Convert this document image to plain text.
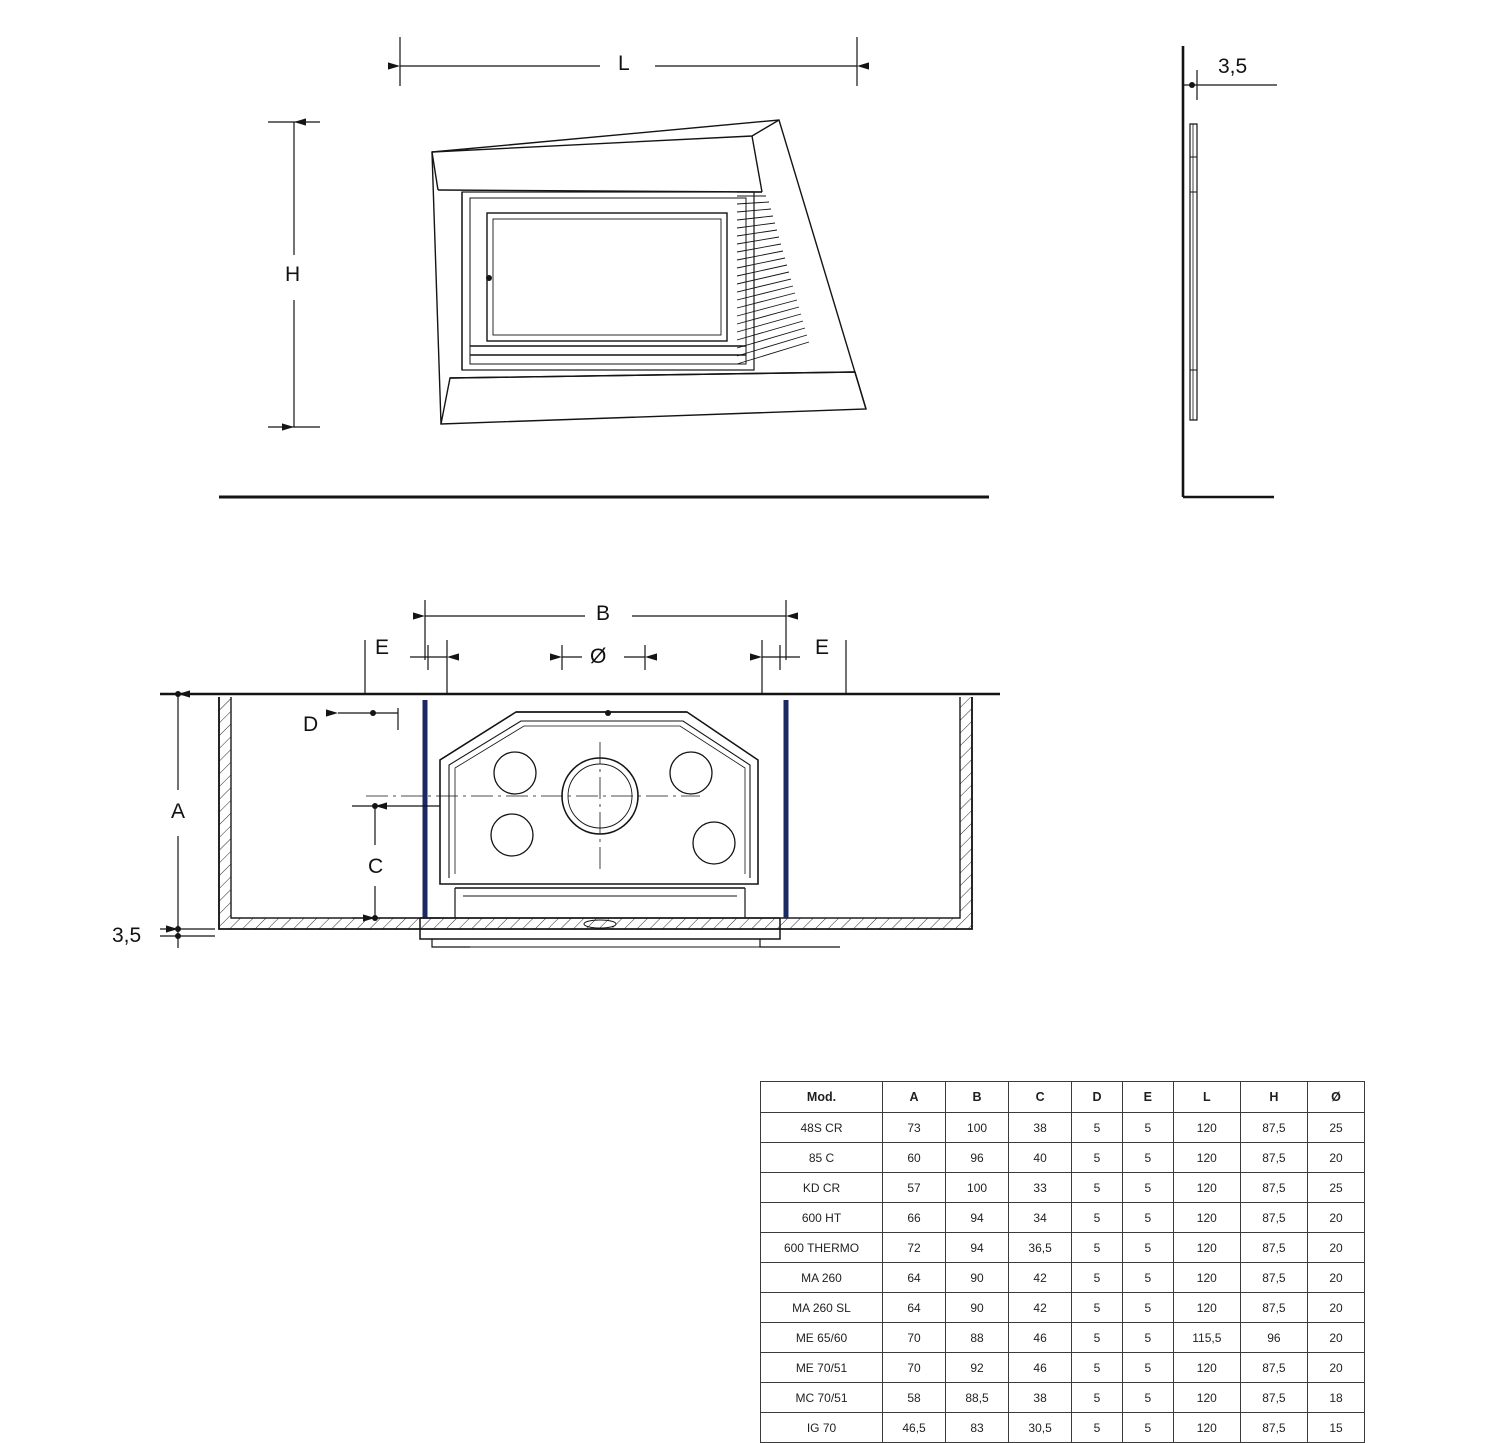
L
H
3,5
B
E	E
Ø
D
A
C
3,5
Mod.	A	B	C	D	E	L	H	Ø
48S CR	73	100	38	5	5	120	87,5	25
85 C	60	96	40	5	5	120	87,5	20
KD CR	57	100	33	5	5	120	87,5	25
600 HT	66	94	34	5	5	120	87,5	20
600 THERMO	72	94	36,5	5	5	120	87,5	20
MA 260	64	90	42	5	5	120	87,5	20
MA 260 SL	64	90	42	5	5	120	87,5	20
ME 65/60	70	88	46	5	5	115,5	96	20
ME 70/51	70	92	46	5	5	120	87,5	20
MC 70/51	58	88,5	38	5	5	120	87,5	18
IG 70	46,5	83	30,5	5	5	120	87,5	15
